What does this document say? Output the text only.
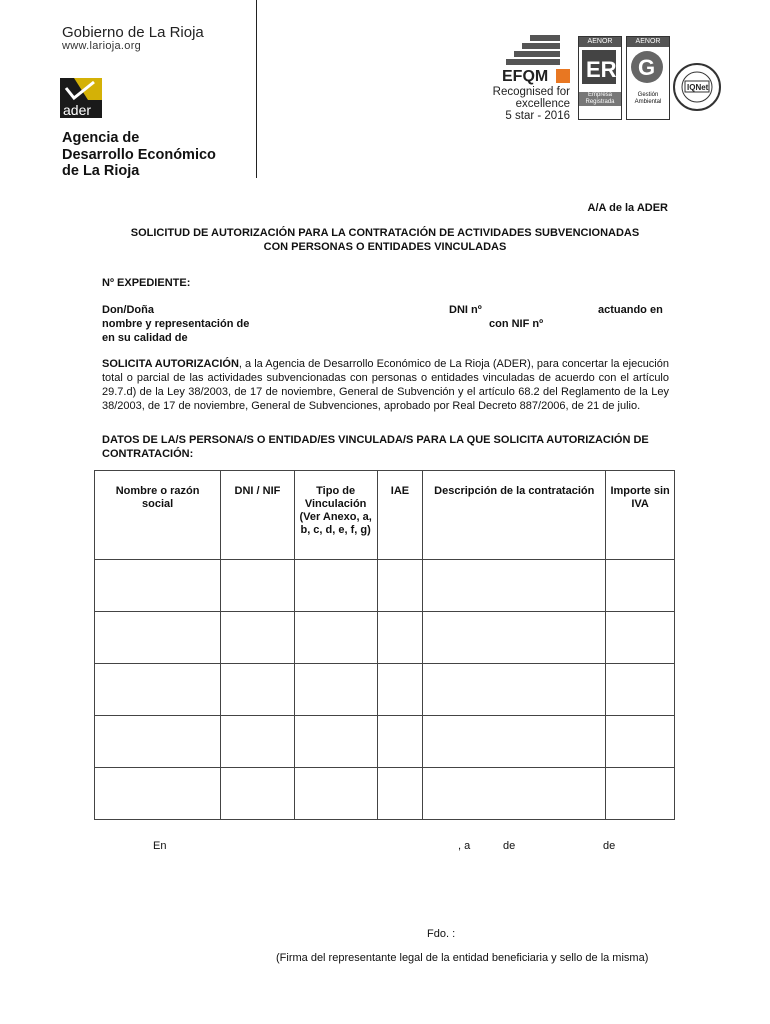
Gobierno de La Rioja
www.larioja.org
ader
Agencia de
Desarrollo Económico
de La Rioja
EFQM
Recognised for excellence
5 star - 2016
AENOR
ER
Empresa Registrada
AENOR
G
Gestión Ambiental
IQNet
A/A de la ADER
SOLICITUD DE AUTORIZACIÓN PARA LA CONTRATACIÓN DE ACTIVIDADES SUBVENCIONADAS
CON PERSONAS O ENTIDADES VINCULADAS
Nº EXPEDIENTE:
Don/Doña	DNI nº	actuando en
nombre y representación de	con NIF nº
en su calidad de
SOLICITA AUTORIZACIÓN, a la Agencia de Desarrollo Económico de La Rioja (ADER), para concertar la ejecución total o parcial de las actividades subvencionadas con personas o entidades vinculadas de acuerdo con el artículo 29.7.d) de la Ley 38/2003, de 17 de noviembre, General de Subvención y el artículo 68.2 del Reglamento de la Ley 38/2003, de 17 de noviembre, General de Subvenciones, aprobado por Real Decreto 887/2006, de 21 de julio.
DATOS DE LA/S PERSONA/S O ENTIDAD/ES VINCULADA/S PARA LA QUE SOLICITA AUTORIZACIÓN DE CONTRATACIÓN:
Nombre o razón social	DNI / NIF	Tipo de Vinculación (Ver Anexo, a, b, c, d, e, f, g)	IAE	Descripción de la contratación	Importe sin IVA

En	, a	de	de
Fdo. :
(Firma del representante legal de la entidad beneficiaria y sello de la misma)
